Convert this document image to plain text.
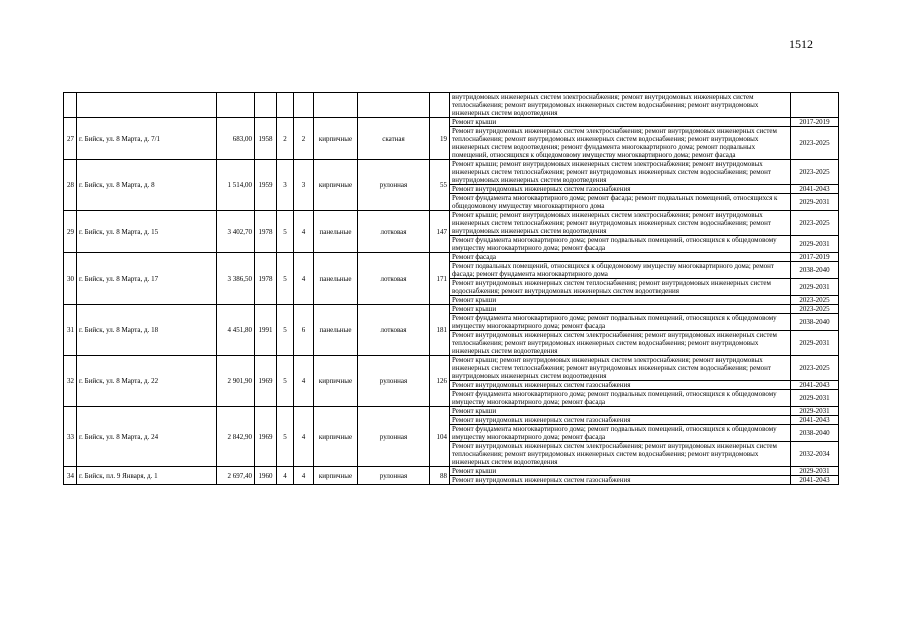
1512
									внутридомовых инженерных систем электроснабжения; ремонт внутридомовых инженерных систем теплоснабжения; ремонт внутридомовых инженерных систем водоснабжения; ремонт внутридомовых инженерных систем водоотведения	
27	г. Бийск, ул. 8 Марта, д. 7/1	683,00	1958	2	2	кирпичные	скатная	19	Ремонт крыши	2017-2019
									Ремонт внутридомовых инженерных систем электроснабжения; ремонт внутридомовых инженерных систем теплоснабжения; ремонт внутридомовых инженерных систем водоснабжения; ремонт внутридомовых инженерных систем водоотведения; ремонт фундамента многоквартирного дома; ремонт подвальных помещений, относящихся к общедомовому имуществу многоквартирного дома; ремонт фасада	2023-2025
28	г. Бийск, ул. 8 Марта, д. 8	1 514,00	1959	3	3	кирпичные	рулонная	55	Ремонт крыши; ремонт внутридомовых инженерных систем электроснабжения; ремонт внутридомовых инженерных систем теплоснабжения; ремонт внутридомовых инженерных систем водоснабжения; ремонт внутридомовых инженерных систем водоотведения	2023-2025
									Ремонт внутридомовых инженерных систем газоснабжения	2041-2043
									Ремонт фундамента многоквартирного дома; ремонт фасада; ремонт подвальных помещений, относящихся к общедомовому имуществу многоквартирного дома	2029-2031
29	г. Бийск, ул. 8 Марта, д. 15	3 402,70	1978	5	4	панельные	лотковая	147	Ремонт крыши; ремонт внутридомовых инженерных систем электроснабжения; ремонт внутридомовых инженерных систем теплоснабжения; ремонт внутридомовых инженерных систем водоснабжения; ремонт внутридомовых инженерных систем водоотведения	2023-2025
									Ремонт фундамента многоквартирного дома; ремонт подвальных помещений, относящихся к общедомовому имуществу многоквартирного дома; ремонт фасада	2029-2031
30	г. Бийск, ул. 8 Марта, д. 17	3 386,50	1978	5	4	панельные	лотковая	171	Ремонт фасада	2017-2019
									Ремонт подвальных помещений, относящихся к общедомовому имуществу многоквартирного дома; ремонт фасада; ремонт фундамента многоквартирного дома	2038-2040
									Ремонт внутридомовых инженерных систем теплоснабжения; ремонт внутридомовых инженерных систем водоснабжения; ремонт внутридомовых инженерных систем водоотведения	2029-2031
									Ремонт крыши	2023-2025
31	г. Бийск, ул. 8 Марта, д. 18	4 451,80	1991	5	6	панельные	лотковая	181	Ремонт крыши	2023-2025
									Ремонт фундамента многоквартирного дома; ремонт подвальных помещений, относящихся к общедомовому имуществу многоквартирного дома; ремонт фасада	2038-2040
									Ремонт внутридомовых инженерных систем электроснабжения; ремонт внутридомовых инженерных систем теплоснабжения; ремонт внутридомовых инженерных систем водоснабжения; ремонт внутридомовых инженерных систем водоотведения	2029-2031
32	г. Бийск, ул. 8 Марта, д. 22	2 901,90	1969	5	4	кирпичные	рулонная	126	Ремонт крыши; ремонт внутридомовых инженерных систем электроснабжения; ремонт внутридомовых инженерных систем теплоснабжения; ремонт внутридомовых инженерных систем водоснабжения; ремонт внутридомовых инженерных систем водоотведения	2023-2025
									Ремонт внутридомовых инженерных систем газоснабжения	2041-2043
									Ремонт фундамента многоквартирного дома; ремонт подвальных помещений, относящихся к общедомовому имуществу многоквартирного дома; ремонт фасада	2029-2031
33	г. Бийск, ул. 8 Марта, д. 24	2 842,90	1969	5	4	кирпичные	рулонная	104	Ремонт крыши	2029-2031
									Ремонт внутридомовых инженерных систем газоснабжения	2041-2043
									Ремонт фундамента многоквартирного дома; ремонт подвальных помещений, относящихся к общедомовому имуществу многоквартирного дома; ремонт фасада	2038-2040
									Ремонт внутридомовых инженерных систем электроснабжения; ремонт внутридомовых инженерных систем теплоснабжения; ремонт внутридомовых инженерных систем водоснабжения; ремонт внутридомовых инженерных систем водоотведения	2032-2034
34	г. Бийск, пл. 9 Января, д. 1	2 697,40	1960	4	4	кирпичные	рулонная	88	Ремонт крыши	2029-2031
									Ремонт внутридомовых инженерных систем газоснабжения	2041-2043
